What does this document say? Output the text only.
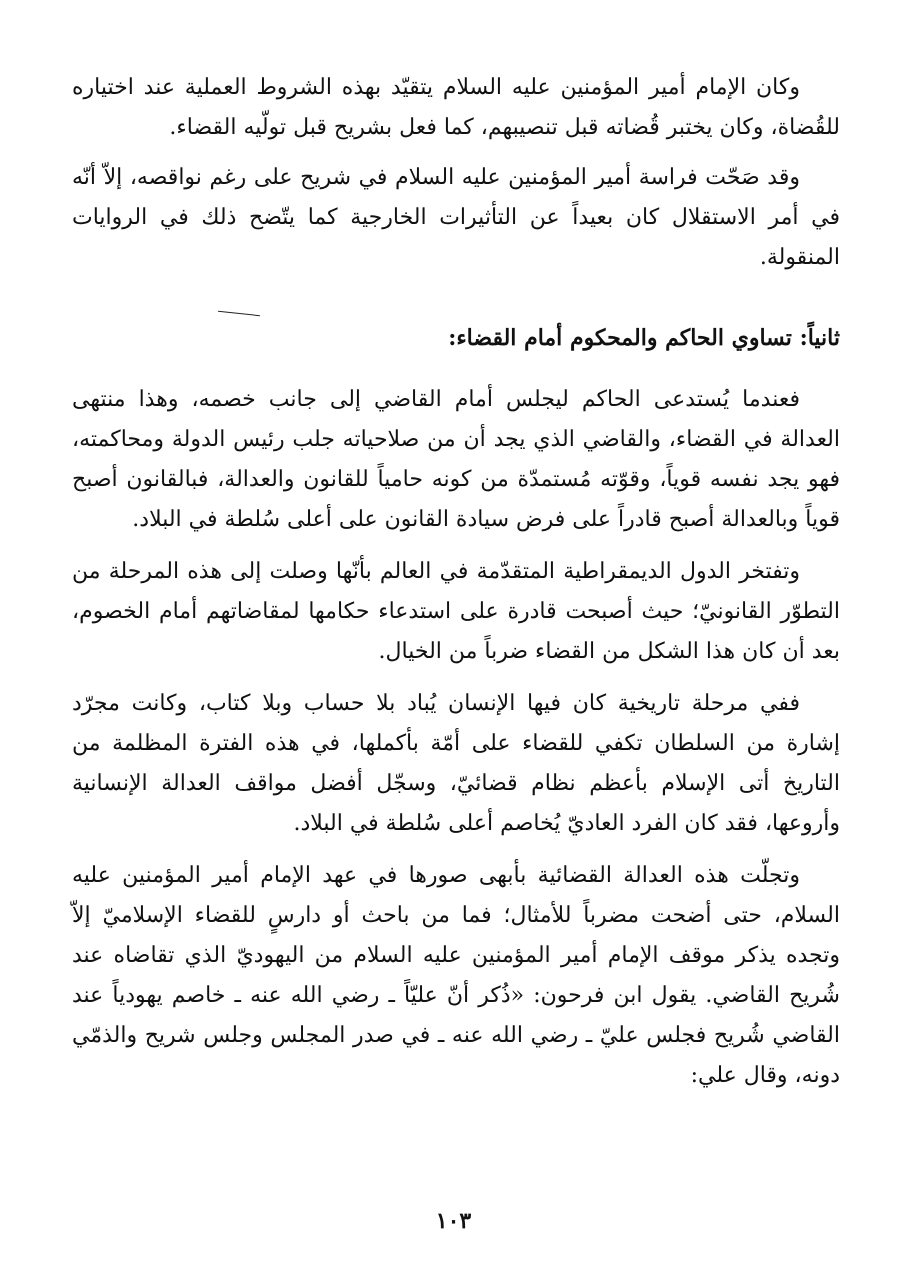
وكان الإمام أمير المؤمنين عليه السلام يتقيّد بهذه الشروط العملية عند اختياره للقُضاة، وكان يختبر قُضاته قبل تنصيبهم، كما فعل بشريح قبل تولّيه القضاء.

وقد صَحّت فراسة أمير المؤمنين عليه السلام في شريح على رغم نواقصه، إلاّ أنّه في أمر الاستقلال كان بعيداً عن التأثيرات الخارجية كما يتّضح ذلك في الروايات المنقولة.

ثانياً: تساوي الحاكم والمحكوم أمام القضاء:

فعندما يُستدعى الحاكم ليجلس أمام القاضي إلى جانب خصمه، وهذا منتهى العدالة في القضاء، والقاضي الذي يجد أن من صلاحياته جلب رئيس الدولة ومحاكمته، فهو يجد نفسه قوياً، وقوّته مُستمدّة من كونه حامياً للقانون والعدالة، فبالقانون أصبح قوياً وبالعدالة أصبح قادراً على فرض سيادة القانون على أعلى سُلطة في البلاد.

وتفتخر الدول الديمقراطية المتقدّمة في العالم بأنّها وصلت إلى هذه المرحلة من التطوّر القانونيّ؛ حيث أصبحت قادرة على استدعاء حكامها لمقاضاتهم أمام الخصوم، بعد أن كان هذا الشكل من القضاء ضرباً من الخيال.

ففي مرحلة تاريخية كان فيها الإنسان يُباد بلا حساب وبلا كتاب، وكانت مجرّد إشارة من السلطان تكفي للقضاء على أمّة بأكملها، في هذه الفترة المظلمة من التاريخ أتى الإسلام بأعظم نظام قضائيّ، وسجّل أفضل مواقف العدالة الإنسانية وأروعها، فقد كان الفرد العاديّ يُخاصم أعلى سُلطة في البلاد.

وتجلّت هذه العدالة القضائية بأبهى صورها في عهد الإمام أمير المؤمنين عليه السلام، حتى أضحت مضرباً للأمثال؛ فما من باحث أو دارسٍ للقضاء الإسلاميّ إلاّ وتجده يذكر موقف الإمام أمير المؤمنين عليه السلام من اليهوديّ الذي تقاضاه عند شُريح القاضي. يقول ابن فرحون: «ذُكر أنّ عليّاً ـ رضي الله عنه ـ خاصم يهودياً عند القاضي شُريح فجلس عليّ ـ رضي الله عنه ـ في صدر المجلس وجلس شريح والذمّي دونه، وقال علي:

١٠٣
